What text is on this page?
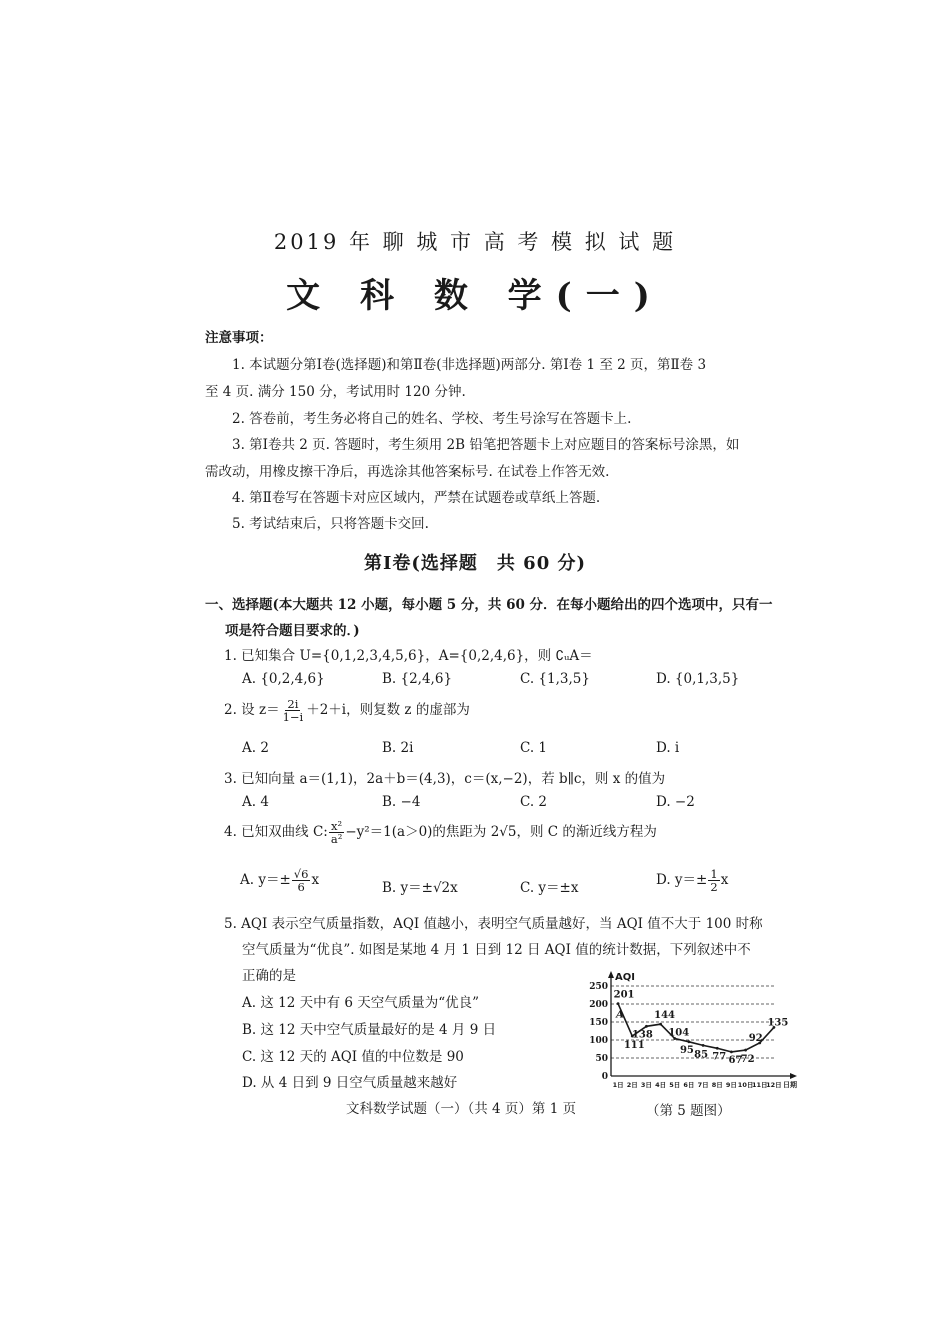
2019 年 聊 城 市 高 考 模 拟 试 题
文 科 数 学(一)
注意事项：
1. 本试题分第Ⅰ卷(选择题)和第Ⅱ卷(非选择题)两部分. 第Ⅰ卷 1 至 2 页，第Ⅱ卷 3
至 4 页. 满分 150 分，考试用时 120 分钟.
2. 答卷前，考生务必将自己的姓名、学校、考生号涂写在答题卡上.
3. 第Ⅰ卷共 2 页. 答题时，考生须用 2B 铅笔把答题卡上对应题目的答案标号涂黑，如
需改动，用橡皮擦干净后，再选涂其他答案标号. 在试卷上作答无效.
4. 第Ⅱ卷写在答题卡对应区域内，严禁在试题卷或草纸上答题.
5. 考试结束后，只将答题卡交回.
第Ⅰ卷(选择题　共 60 分)
一、选择题(本大题共 12 小题，每小题 5 分，共 60 分．在每小题给出的四个选项中，只有一
项是符合题目要求的．)
1. 已知集合 U={0,1,2,3,4,5,6}，A={0,2,4,6}，则 ∁ᵤA＝
A. {0,2,4,6}	B. {2,4,6}	C. {1,3,5}	D. {0,1,3,5}
2. 设 $z= \frac{2i}{1-i} +2+i$，则复数 z 的虚部为
A. 2	B. 2i	C. 1	D. i
3. 已知向量 a＝(1,1)，2a＋b＝(4,3)，c＝(x,−2)，若 b∥c，则 x 的值为
A. 4	B. −4	C. 2	D. −2
4. 已知双曲线 C: $\frac{\text{x²}}{\text{a²}} -y^2=1(a>0)$的焦距为 2√5，则 C 的渐近线方程为
A. $y=\pm \frac{√6}{6}$ x	B. y＝±√2x	C. y＝±x	D. $y=\pm \frac{1}{2}$ x
5. AQI 表示空气质量指数，AQI 值越小，表明空气质量越好，当 AQI 值不大于 100 时称
空气质量为“优良”. 如图是某地 4 月 1 日到 12 日 AQI 值的统计数据，下列叙述中不
正确的是
A. 这 12 天中有 6 天空气质量为“优良”
B. 这 12 天中空气质量最好的是 4 月 9 日
C. 这 12 天的 AQI 值的中位数是 90
D. 从 4 日到 9 日空气质量越来越好	0
50
100
150
200
250
AQI
日期
1日 2日 3日 4日 5日 6日 7日 8日 9日 10日
11日
12日
201
111
138
144
104
95 85 77 67
72
92
135
A
文科数学试题（一）（共 4 页）第 1 页	（第 5 题图）
